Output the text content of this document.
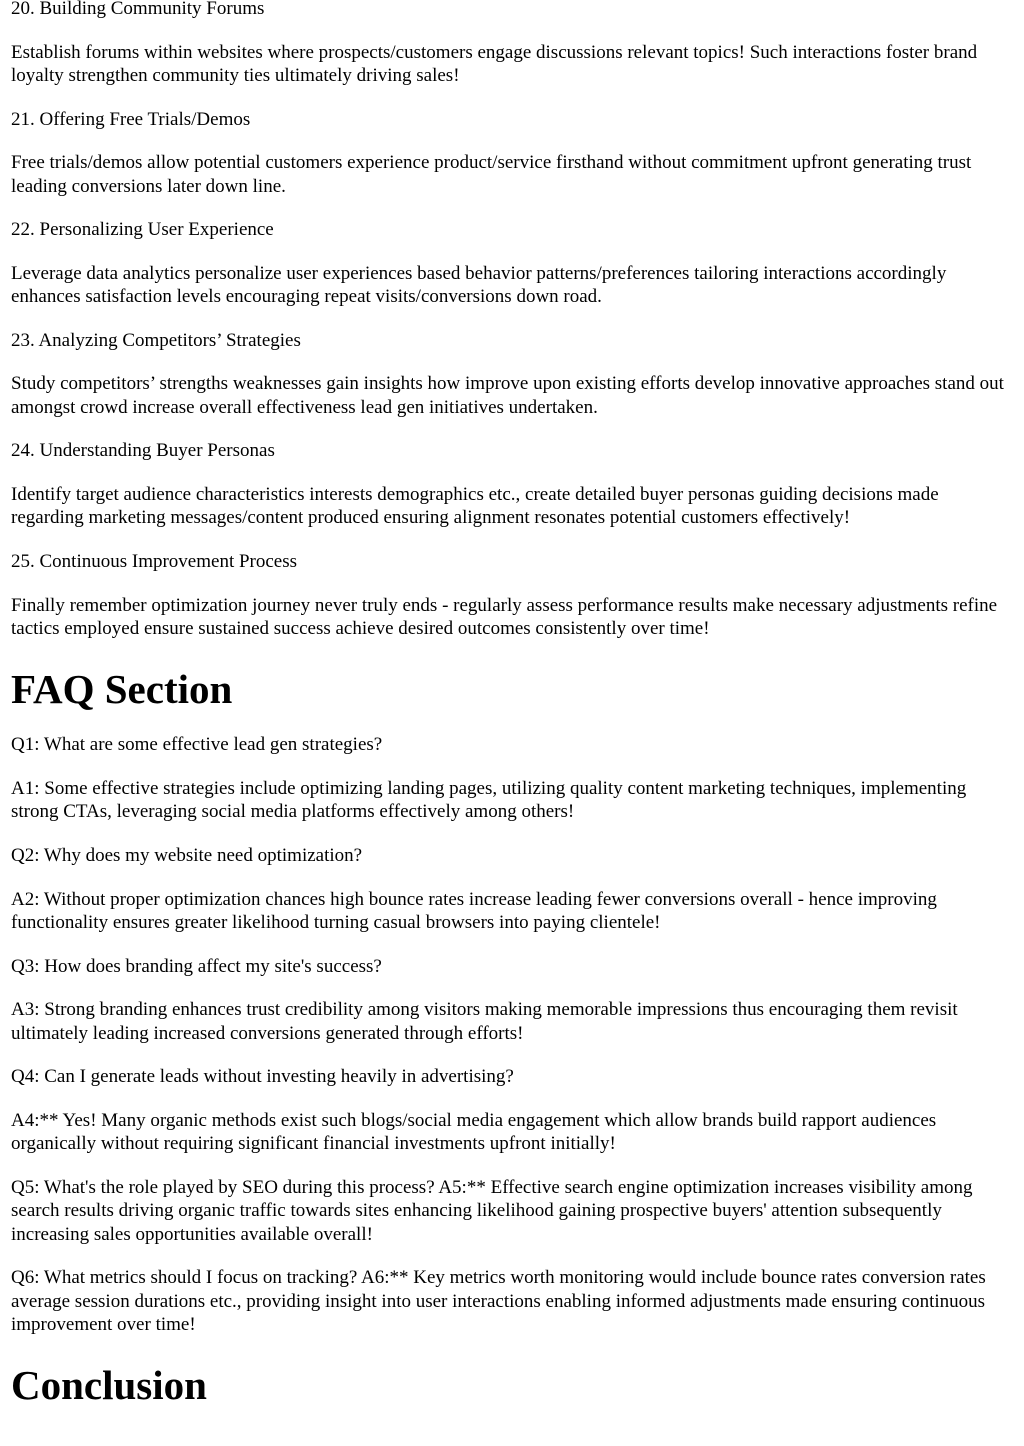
20. Building Community Forums

Establish forums within websites where prospects/customers engage discussions relevant topics! Such interactions foster brand loyalty strengthen community ties ultimately driving sales!

21. Offering Free Trials/Demos

Free trials/demos allow potential customers experience product/service firsthand without commitment upfront generating trust leading conversions later down line.

22. Personalizing User Experience

Leverage data analytics personalize user experiences based behavior patterns/preferences tailoring interactions accordingly enhances satisfaction levels encouraging repeat visits/conversions down road.

23. Analyzing Competitors’ Strategies

Study competitors’ strengths weaknesses gain insights how improve upon existing efforts develop innovative approaches stand out amongst crowd increase overall effectiveness lead gen initiatives undertaken.

24. Understanding Buyer Personas

Identify target audience characteristics interests demographics etc., create detailed buyer personas guiding decisions made regarding marketing messages/content produced ensuring alignment resonates potential customers effectively!

25. Continuous Improvement Process

Finally remember optimization journey never truly ends - regularly assess performance results make necessary adjustments refine tactics employed ensure sustained success achieve desired outcomes consistently over time!

FAQ Section

Q1: What are some effective lead gen strategies?

A1: Some effective strategies include optimizing landing pages, utilizing quality content marketing techniques, implementing strong CTAs, leveraging social media platforms effectively among others!

Q2: Why does my website need optimization?

A2: Without proper optimization chances high bounce rates increase leading fewer conversions overall - hence improving functionality ensures greater likelihood turning casual browsers into paying clientele!

Q3: How does branding affect my site's success?

A3: Strong branding enhances trust credibility among visitors making memorable impressions thus encouraging them revisit ultimately leading increased conversions generated through efforts!

Q4: Can I generate leads without investing heavily in advertising?

A4:** Yes! Many organic methods exist such blogs/social media engagement which allow brands build rapport audiences organically without requiring significant financial investments upfront initially!

Q5: What's the role played by SEO during this process? A5:** Effective search engine optimization increases visibility among search results driving organic traffic towards sites enhancing likelihood gaining prospective buyers' attention subsequently increasing sales opportunities available overall!

Q6: What metrics should I focus on tracking? A6:** Key metrics worth monitoring would include bounce rates conversion rates average session durations etc., providing insight into user interactions enabling informed adjustments made ensuring continuous improvement over time!

Conclusion
